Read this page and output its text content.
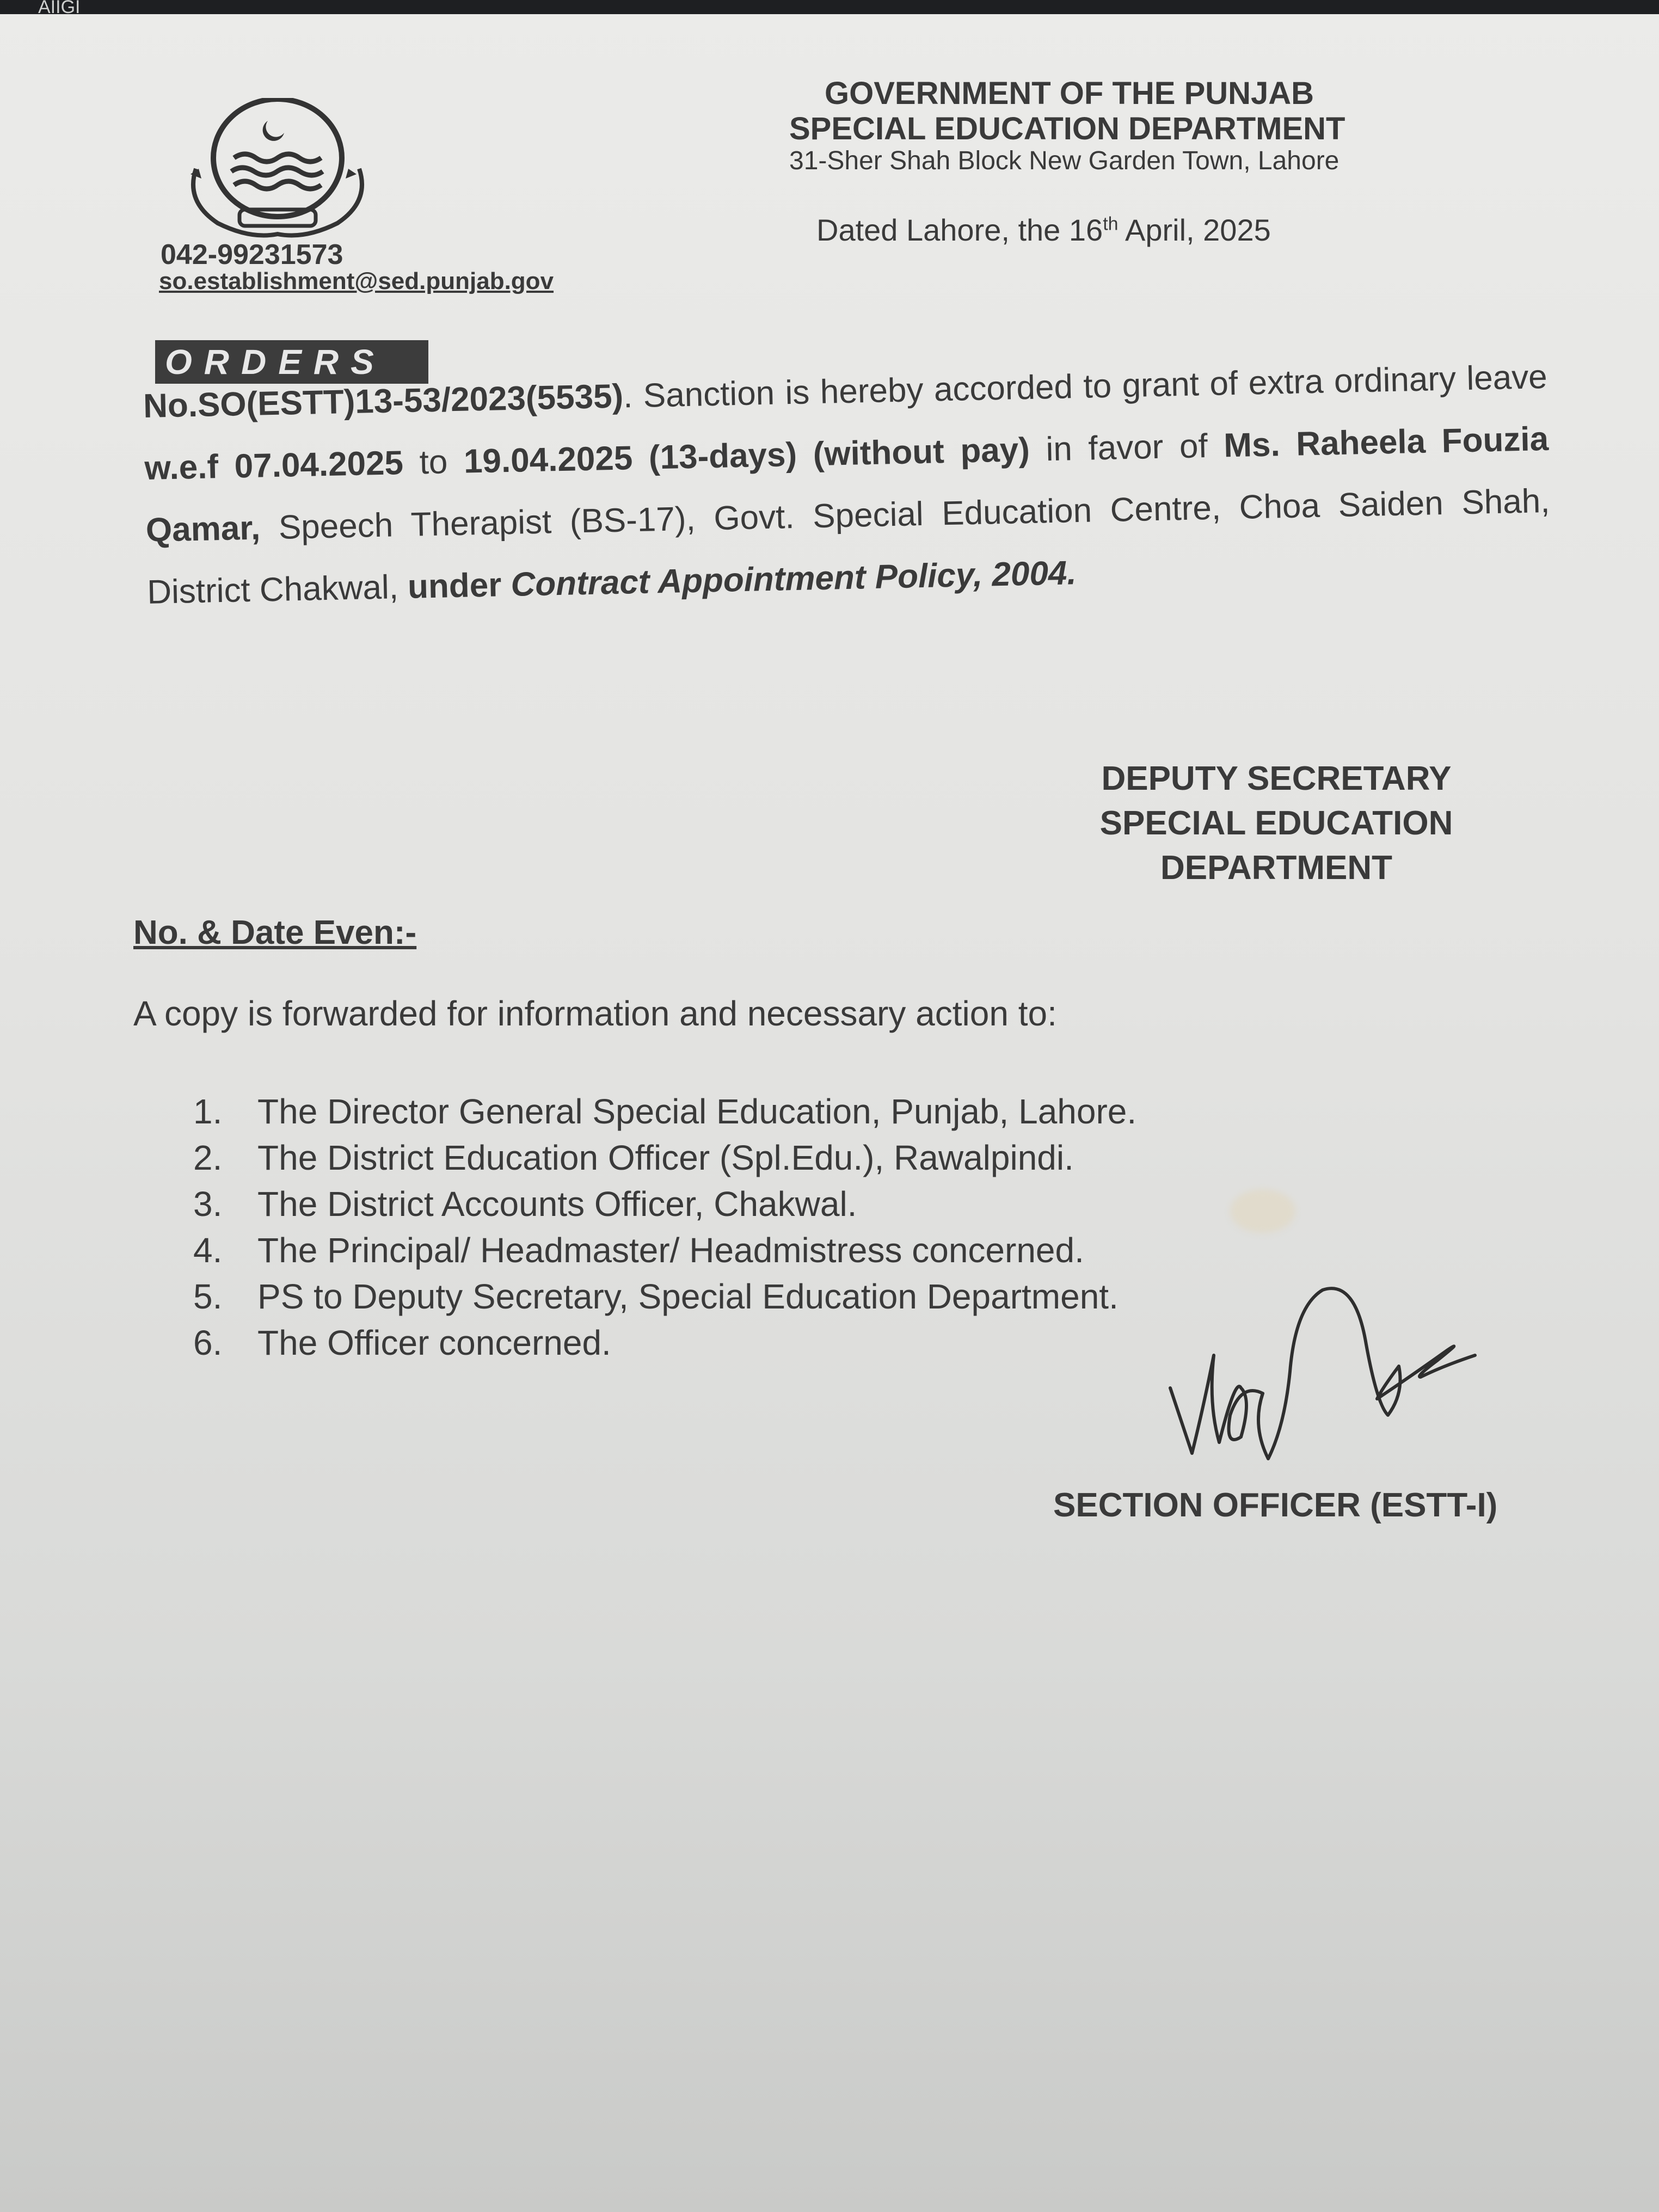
AIIGI
042-99231573
so.establishment@sed.punjab.gov
GOVERNMENT OF THE PUNJAB
SPECIAL EDUCATION DEPARTMENT
31-Sher Shah Block New Garden Town, Lahore
Dated Lahore, the 16th April, 2025
ORDERS
No.SO(ESTT)13-53/2023(5535). Sanction is hereby accorded to grant of extra ordinary leave w.e.f 07.04.2025 to 19.04.2025 (13-days) (without pay) in favor of Ms. Raheela Fouzia Qamar, Speech Therapist (BS-17), Govt. Special Education Centre, Choa Saiden Shah, District Chakwal, under Contract Appointment Policy, 2004.
DEPUTY SECRETARY
SPECIAL EDUCATION
DEPARTMENT
No. & Date Even:-
A copy is forwarded for information and necessary action to:
1. The Director General Special Education, Punjab, Lahore.
2. The District Education Officer (Spl.Edu.), Rawalpindi.
3. The District Accounts Officer, Chakwal.
4. The Principal/ Headmaster/ Headmistress concerned.
5. PS to Deputy Secretary, Special Education Department.
6. The Officer concerned.
SECTION OFFICER (ESTT-I)
